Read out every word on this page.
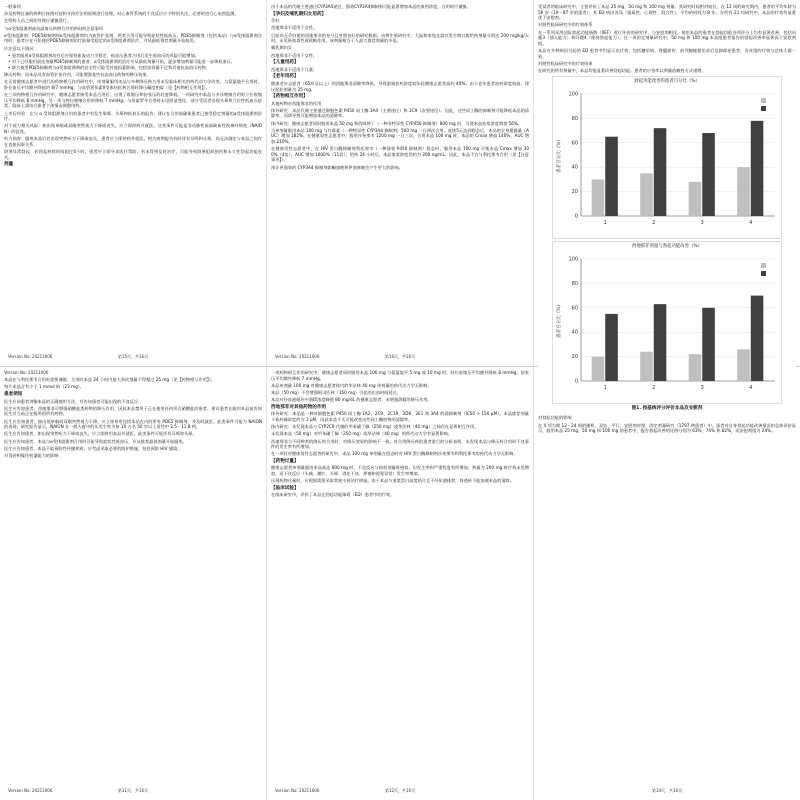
一般事项

涉及药物过量的病例应按照对症和支持疗法的原则进行处理。对心血管系统的不良反应应予特别关注，必要时进行心电图监测。

在给药人员之间的处理应谨慎进行。

与α受体阻滞剂或抗高血压药物合并用药时的注意事项

α受体阻滞剂：PDE5抑制剂和α受体阻滞剂均为血管扩张剂，两者合用可能导致症状性低血压。PDE5抑制剂（包括本品）与α受体阻滞剂合用时，患者应在开始使用PDE5抑制剂治疗前接受稳定的α受体阻滞剂治疗，并从最低推荐剂量开始服用。

应注意以下情况：

• 患者服用α受体阻滞剂治疗后应保持血流动力学稳定，低血压患者合用后发生低血压的风险可能增加。
• 对于已经服用最佳剂量PDE5抑制剂的患者，α受体阻滞剂的治疗应从最低剂量开始，逐步增加剂量可能进一步降低血压。
• 联合使用PDE5抑制剂与α受体阻滞剂的安全性可能受其他因素影响，包括血容量不足和其他抗高血压药物。

降压药物：因本品具有血管扩张作用，可能增强某些抗高血压药物的降压效果。

在正常健康志愿者中进行的药物相互作用研究中，单剂量服用本品与多种降压药合用未见临床相关的药代动力学改变。与氨氯地平合用时，卧位血压平均额外降低约 8/7 mmHg；与血管紧张素II受体拮抗剂合用时降压幅度相似（见【药物相互作用】）。

在三项药物相互作用研究中，健康志愿者接受本品合用后，出现了收缩压和舒张压的轻度降低。一项研究中本品与多沙唑嗪合用时立位收缩压平均降低 8 mmHg，另一项与特拉唑嗪合用时降低 7 mmHg；与坦索罗辛合用时未见明显变化。部分受试者出现头晕和立位性低血压症状。临床上需结合患者个体情况调整用药。

上市后经验：在与 α 受体阻滞剂合用的患者中有发生晕厥、头晕和低血压的报告。建议在合用前确保患者已接受稳定剂量的α受体阻滞剂治疗。

对于视力相关风险：如出现单眼或双眼突然视力下降或丧失，应立即停药并就医。这类事件可能是非动脉性前部缺血性视神经病变（NAION）的征兆。

听力损害：服用本品后若出现突然听力下降或丧失，患者应立即停药并就医。相关病例报告有时伴有耳鸣和头晕，尚无法确定与本品之间存在直接因果关系。

阴茎异常勃起：若勃起持续时间超过4小时，患者应立即寻求医疗帮助。若未得到及时治疗，可能导致阴茎组织损伤和永久性勃起功能丧失。

剂量
Version No: 20211006	第15页，共16页

由于本品的代谢主要通过CYP3A4途径，强效CYP3A4抑制剂可能显著增加本品的血药浓度，合用时应谨慎。

【孕妇及哺乳期妇女用药】

孕妇

西地那非不适用于女性。

目前尚无孕妇使用西地那非的充分且对照良好的研究数据。动物生殖研究中，大鼠和家兔在器官发生期口服给药剂量分别达 200 mg/kg/天时，未见胚胎毒性或致畸作用，该剂量相当于人最大推荐剂量的多倍。

哺乳期妇女

西地那非不适用于女性。

【儿童用药】

西地那非不适用于儿童。

【老年用药】

健康老年志愿者（65岁及以上）的西地那非清除率降低，导致游离血药浓度较年轻健康志愿者高约 40%。由于老年患者血药浓度较高，建议起始剂量为 25 mg。

【药物相互作用】

其他药物对西地那非的作用

体外研究：本品代谢主要通过细胞色素 P450 同工酶 3A4（主要途径）和 2C9（次要途径）。因此，这些同工酶的抑制剂可能降低本品的清除率，而诱导剂可能增加本品的清除率。

体内研究：健康志愿者同时服用本品 50 mg 和西咪替丁（一种非特异性 CYP450 抑制剂）800 mg 时，可使本品血浆浓度增加 56%。

当单剂量服用本品 100 mg 与红霉素（一种特异性 CYP3A4 抑制剂）500 mg 一日两次合用，连续5天达到稳态后，本品的全身暴露量（AUC）增加 182%。在健康男性志愿者中，服用沙奎那韦 1200 mg 一日三次，合用本品 100 mg 时，本品的 Cmax 增加 140%，AUC 增加 210%。

在健康男性志愿者中，在 HIV 蛋白酶抑制剂利托那韦（一种强效 P450 抑制剂）稳态时，服用本品 100 mg 可使本品 Cmax 增加 300%（4倍），AUC 增加 1000%（11倍）。给药 24 小时后，本品血浆浓度仍约为 200 ng/mL。因此，本品不宜与利托那韦合用（见【注意事项】）。

预计更强效的 CYP3A4 抑制剂如酮康唑和伊曲康唑会产生更大的影响。

Version No: 20211006	第16页，共16页

受试者的临床研究中，主要评价了本品 25 mg、50 mg 和 100 mg 剂量。其研究时间相对较长，在 12 周的研究期内，患者的平均年龄为 56 岁（19 - 87 岁的患者），其 ED 病因各异（器质性、心理性、混合性）。平均的时间为 8 年，在所有 21 项研究中，本品的疗效均显著优于安慰剂。

对照性临床研究中的疗效体系

在一系列采用国际勃起功能指数（IIEF）进行评价的研究中，与安慰剂相比，使用本品的患者在勃起功能各项评分上均有显著改善，包括问题3（插入能力）和问题4（维持勃起能力）。在一项固定剂量研究中，50 mg 和 100 mg 本品组患者报告的勃起改善率显著高于安慰剂组。

本品在多种病因引起的 ED 患者中均显示出疗效，包括糖尿病、脊髓损伤、前列腺癌根治术后及抑郁症患者，各亚组的疗效与总体人群一致。

对照性临床研究中的疗效结果

在研究的所有剂量中，本品均能显著改善勃起功能。患者的应答率以剂量依赖性方式递增。

勃起功能改善的患者百分比（%）
0
20
40
60
80
100
患者百分比（%）
1	2	3	4
西地那非剂量与勃起功能改善（%）
0
20
40
60
80
100
患者百分比（%）
1	2	3	4
图1. 按基线评分评价本品及安慰剂

对勃起功能的影响

在 4 项为期 12 - 24 周的随机、双盲、平行、安慰剂对照、固定剂量研究（1797 例患者）中，患者对自身勃起功能改善情况的总体评价显示，服用本品 25 mg、50 mg 和 100 mg 的患者中，报告勃起改善的比例分别为 63%、74% 和 82%，而安慰剂组为 24%。

第10页，共16页

Version No: 20211006

本品在与利托那韦合用时需要谨慎，合用时本品 24 小时内最大单次剂量不得超过 25 mg（见【药物相互作用】）。

每片本品含有少于 1 mmol 钠（23 mg）。

患者须知

医生应向患者讲解本品的正确使用方法，并告知患者可能出现的不良反应。

医生应告知患者，西地那非可增强硝酸盐类药物的降压作用，因此本品禁用于正在使用任何形式硝酸盐的患者。建议患者在服用本品前告知医生其当前正在服用的所有药物。

医生应告知患者，如出现单眼或双眼突然视力下降，应立即停用包括本品在内的所有 PDE5 抑制剂，并及时就医。此类事件可能为 NAION 的表现。研究报告显示，NAION 在一般人群中的年发生率为每 10 万名 50 岁以上男性中 2.5 - 11.8 例。

医生应告知患者，如出现突然听力下降或丧失，应立即停用本品并就医。此类事件可能伴有耳鸣和头晕。

医生应告知患者，本品与α受体阻滞剂合用时可能导致症状性低血压，应从推荐最低剂量开始服用。

医生应告知患者，本品不能预防性传播疾病，应考虑采取必要的防护措施，包括预防 HIV 感染。

对驾驶和操作机器能力的影响

Version No: 20211006	第11页，共16页

一项药物相互作用研究中，健康志愿者同时服用本品 100 mg 与氨氯地平 5 mg 或 10 mg 时，卧位收缩压平均额外降低 8 mmHg，舒张压平均额外降低 7 mmHg。

本品单剂量 100 mg 对健康志愿者体内的华法林 40 mg 单剂量的药代动力学无影响。

本品（50 mg）不会增强阿司匹林（150 mg）引起的出血时间延长。

本品对经血液循环中酒精浓度峰值 80 mg/dL 的健康志愿者，未增强酒精的降压作用。

西地那非对其他药物的作用

体外研究：本品是一种对细胞色素 P450 同工酶 1A2、2C9、2C19、2D6、2E1 和 3A4 的弱抑制剂（IC50 > 150 μM）。本品推荐剂量下血药峰浓度约为 1 μM，因此本品不太可能改变这些同工酶底物的清除率。

体内研究：未发现本品与 CYP2C9 代谢的甲苯磺丁脲（250 mg）或华法林（40 mg）之间存在显著相互作用。

未发现本品（50 mg）对甲苯磺丁脲（250 mg）或华法林（40 mg）的药代动力学有显著影响。

西地那非与不同种类的降压药合用时，对降压效果的影响不一致。对合用降压药的患者进行的分析表明，未发现本品与降压药合用时不良事件的发生率有所增加。

在一项针对健康男性志愿者的研究中，本品 100 mg 单剂量在稳态时对 HIV 蛋白酶抑制剂沙奎那韦和利托那韦的药代动力学无影响。

【药物过量】

健康志愿者单剂量服用本品高达 800 mg 时，不良反应与较低剂量时相似，但发生率和严重程度有所增加。剂量为 200 mg 时疗效未见增加，而不良反应（头痛、潮红、头晕、消化不良、鼻塞和视觉异常）发生率增加。

出现药物过量时，应根据需要采取常规支持治疗措施。由于本品与血浆蛋白高度结合且不经尿液排泄，肾透析不能加速本品的清除。

【临床试验】

在临床研究中，评价了本品在勃起功能障碍（ED）患者中的疗效。

Version No: 20211006	第12页，共16页
